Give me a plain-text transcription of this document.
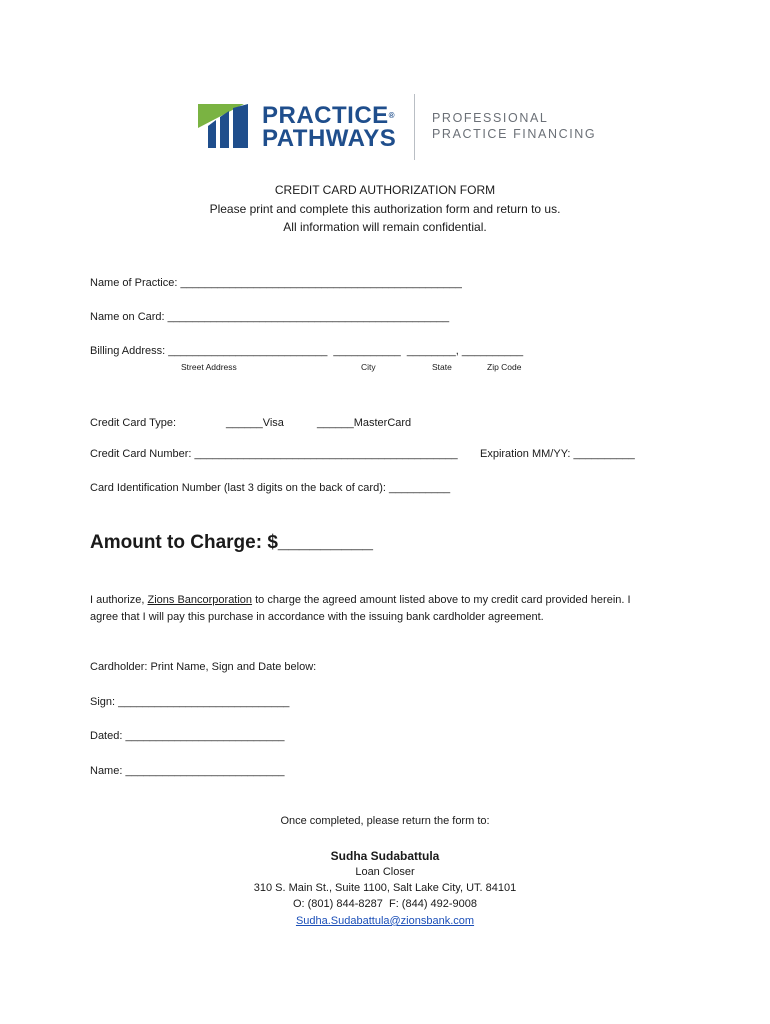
PRACTICE®
PATHWAYS
PROFESSIONAL
PRACTICE FINANCING
CREDIT CARD AUTHORIZATION FORM
Please print and complete this authorization form and return to us.
All information will remain confidential.
Name of Practice: ______________________________________________
Name on Card: ______________________________________________
Billing Address: __________________________  ___________  ________, __________
Street Address	City	State	Zip Code
Credit Card Type:	______Visa	______MasterCard
Credit Card Number: ___________________________________________ Expiration MM/YY: __________
Card Identification Number (last 3 digits on the back of card): __________
Amount to Charge: $_________
I authorize, Zions Bancorporation to charge the agreed amount listed above to my credit card provided herein. I
agree that I will pay this purchase in accordance with the issuing bank cardholder agreement.
Cardholder: Print Name, Sign and Date below:
Sign: ____________________________
Dated: __________________________
Name: __________________________
Once completed, please return the form to:
Sudha Sudabattula
Loan Closer
310 S. Main St., Suite 1100, Salt Lake City, UT. 84101
O: (801) 844-8287  F: (844) 492-9008
Sudha.Sudabattula@zionsbank.com
